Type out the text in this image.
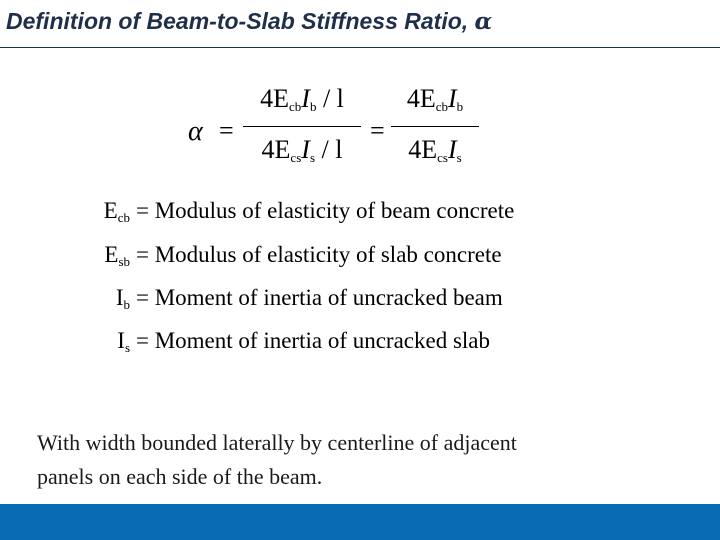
Definition of Beam-to-Slab Stiffness Ratio, α
α =
$4E_{cb}I_b$ / l
$4E_{cs}I_s$ / l
=
$4E_{cb}I_b$
$4E_{cs}I_s$
$E_{cb}$ = Modulus of elasticity of beam concrete
$E_{sb}$ = Modulus of elasticity of slab concrete
$I_b$ = Moment of inertia of uncracked beam
$I_s$ = Moment of inertia of uncracked slab
With width bounded laterally by centerline of adjacent
panels on each side of the beam.
